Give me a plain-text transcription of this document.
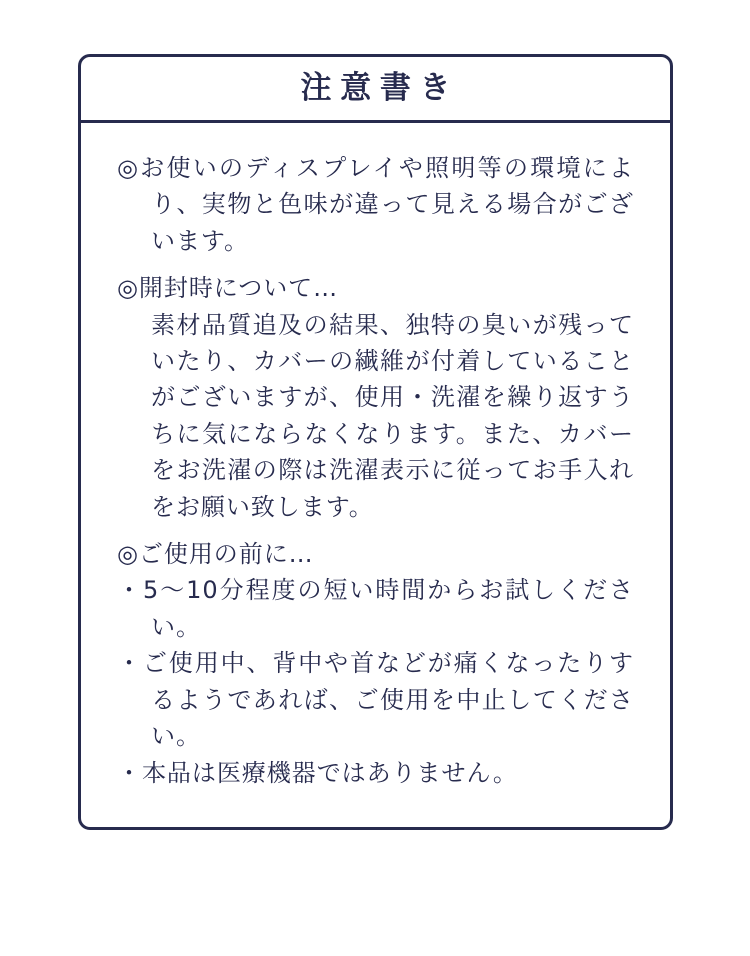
注意書き

◎お使いのディスプレイや照明等の環境により、実物と色味が違って見える場合がございます。

◎開封時について…

素材品質追及の結果、独特の臭いが残っていたり、カバーの繊維が付着していることがございますが、使用・洗濯を繰り返すうちに気にならなくなります。また、カバーをお洗濯の際は洗濯表示に従ってお手入れをお願い致します。

◎ご使用の前に…

・5〜10分程度の短い時間からお試しください。
・ご使用中、背中や首などが痛くなったりするようであれば、ご使用を中止してください。
・本品は医療機器ではありません。
